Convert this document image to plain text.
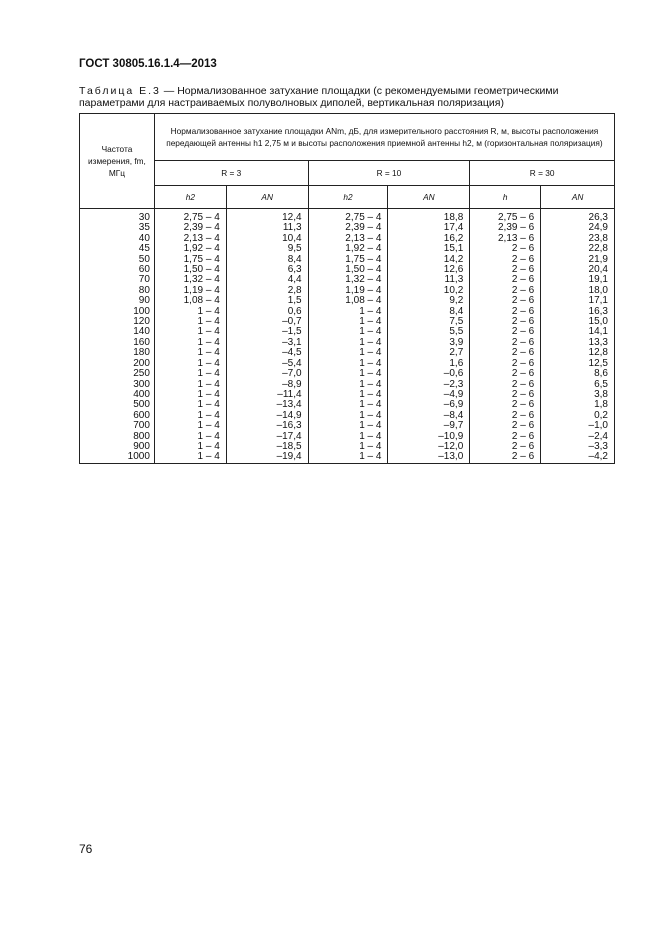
ГОСТ 30805.16.1.4—2013
Таблица Е.3 — Нормализованное затухание площадки (с рекомендуемыми геометрическими параметрами для настраиваемых полуволновых диполей, вертикальная поляризация)
Частота измерения, fm, МГц	Нормализованное затухание площадки ANm, дБ, для измерительного расстояния R, м, высоты расположения передающей антенны h1 2,75 м и высоты расположения приемной антенны h2, м (горизонтальная поляризация)					
	R = 3		R = 10		R = 30	
	h2	AN	h2	AN	h	AN
30	2,75 – 4	12,4	2,75 – 4	18,8	2,75 – 6	26,3
35	2,39 – 4	11,3	2,39 – 4	17,4	2,39 – 6	24,9
40	2,13 – 4	10,4	2,13 – 4	16,2	2,13 – 6	23,8
45	1,92 – 4	9,5	1,92 – 4	15,1	2 – 6	22,8
50	1,75 – 4	8,4	1,75 – 4	14,2	2 – 6	21,9
60	1,50 – 4	6,3	1,50 – 4	12,6	2 – 6	20,4
70	1,32 – 4	4,4	1,32 – 4	11,3	2 – 6	19,1
80	1,19 – 4	2,8	1,19 – 4	10,2	2 – 6	18,0
90	1,08 – 4	1,5	1,08 – 4	9,2	2 – 6	17,1
100	1 – 4	0,6	1 – 4	8,4	2 – 6	16,3
120	1 – 4	–0,7	1 – 4	7,5	2 – 6	15,0
140	1 – 4	–1,5	1 – 4	5,5	2 – 6	14,1
160	1 – 4	–3,1	1 – 4	3,9	2 – 6	13,3
180	1 – 4	–4,5	1 – 4	2,7	2 – 6	12,8
200	1 – 4	–5,4	1 – 4	1,6	2 – 6	12,5
250	1 – 4	–7,0	1 – 4	–0,6	2 – 6	8,6
300	1 – 4	–8,9	1 – 4	–2,3	2 – 6	6,5
400	1 – 4	–11,4	1 – 4	–4,9	2 – 6	3,8
500	1 – 4	–13,4	1 – 4	–6,9	2 – 6	1,8
600	1 – 4	–14,9	1 – 4	–8,4	2 – 6	0,2
700	1 – 4	–16,3	1 – 4	–9,7	2 – 6	–1,0
800	1 – 4	–17,4	1 – 4	–10,9	2 – 6	–2,4
900	1 – 4	–18,5	1 – 4	–12,0	2 – 6	–3,3
1000	1 – 4	–19,4	1 – 4	–13,0	2 – 6	–4,2
76
